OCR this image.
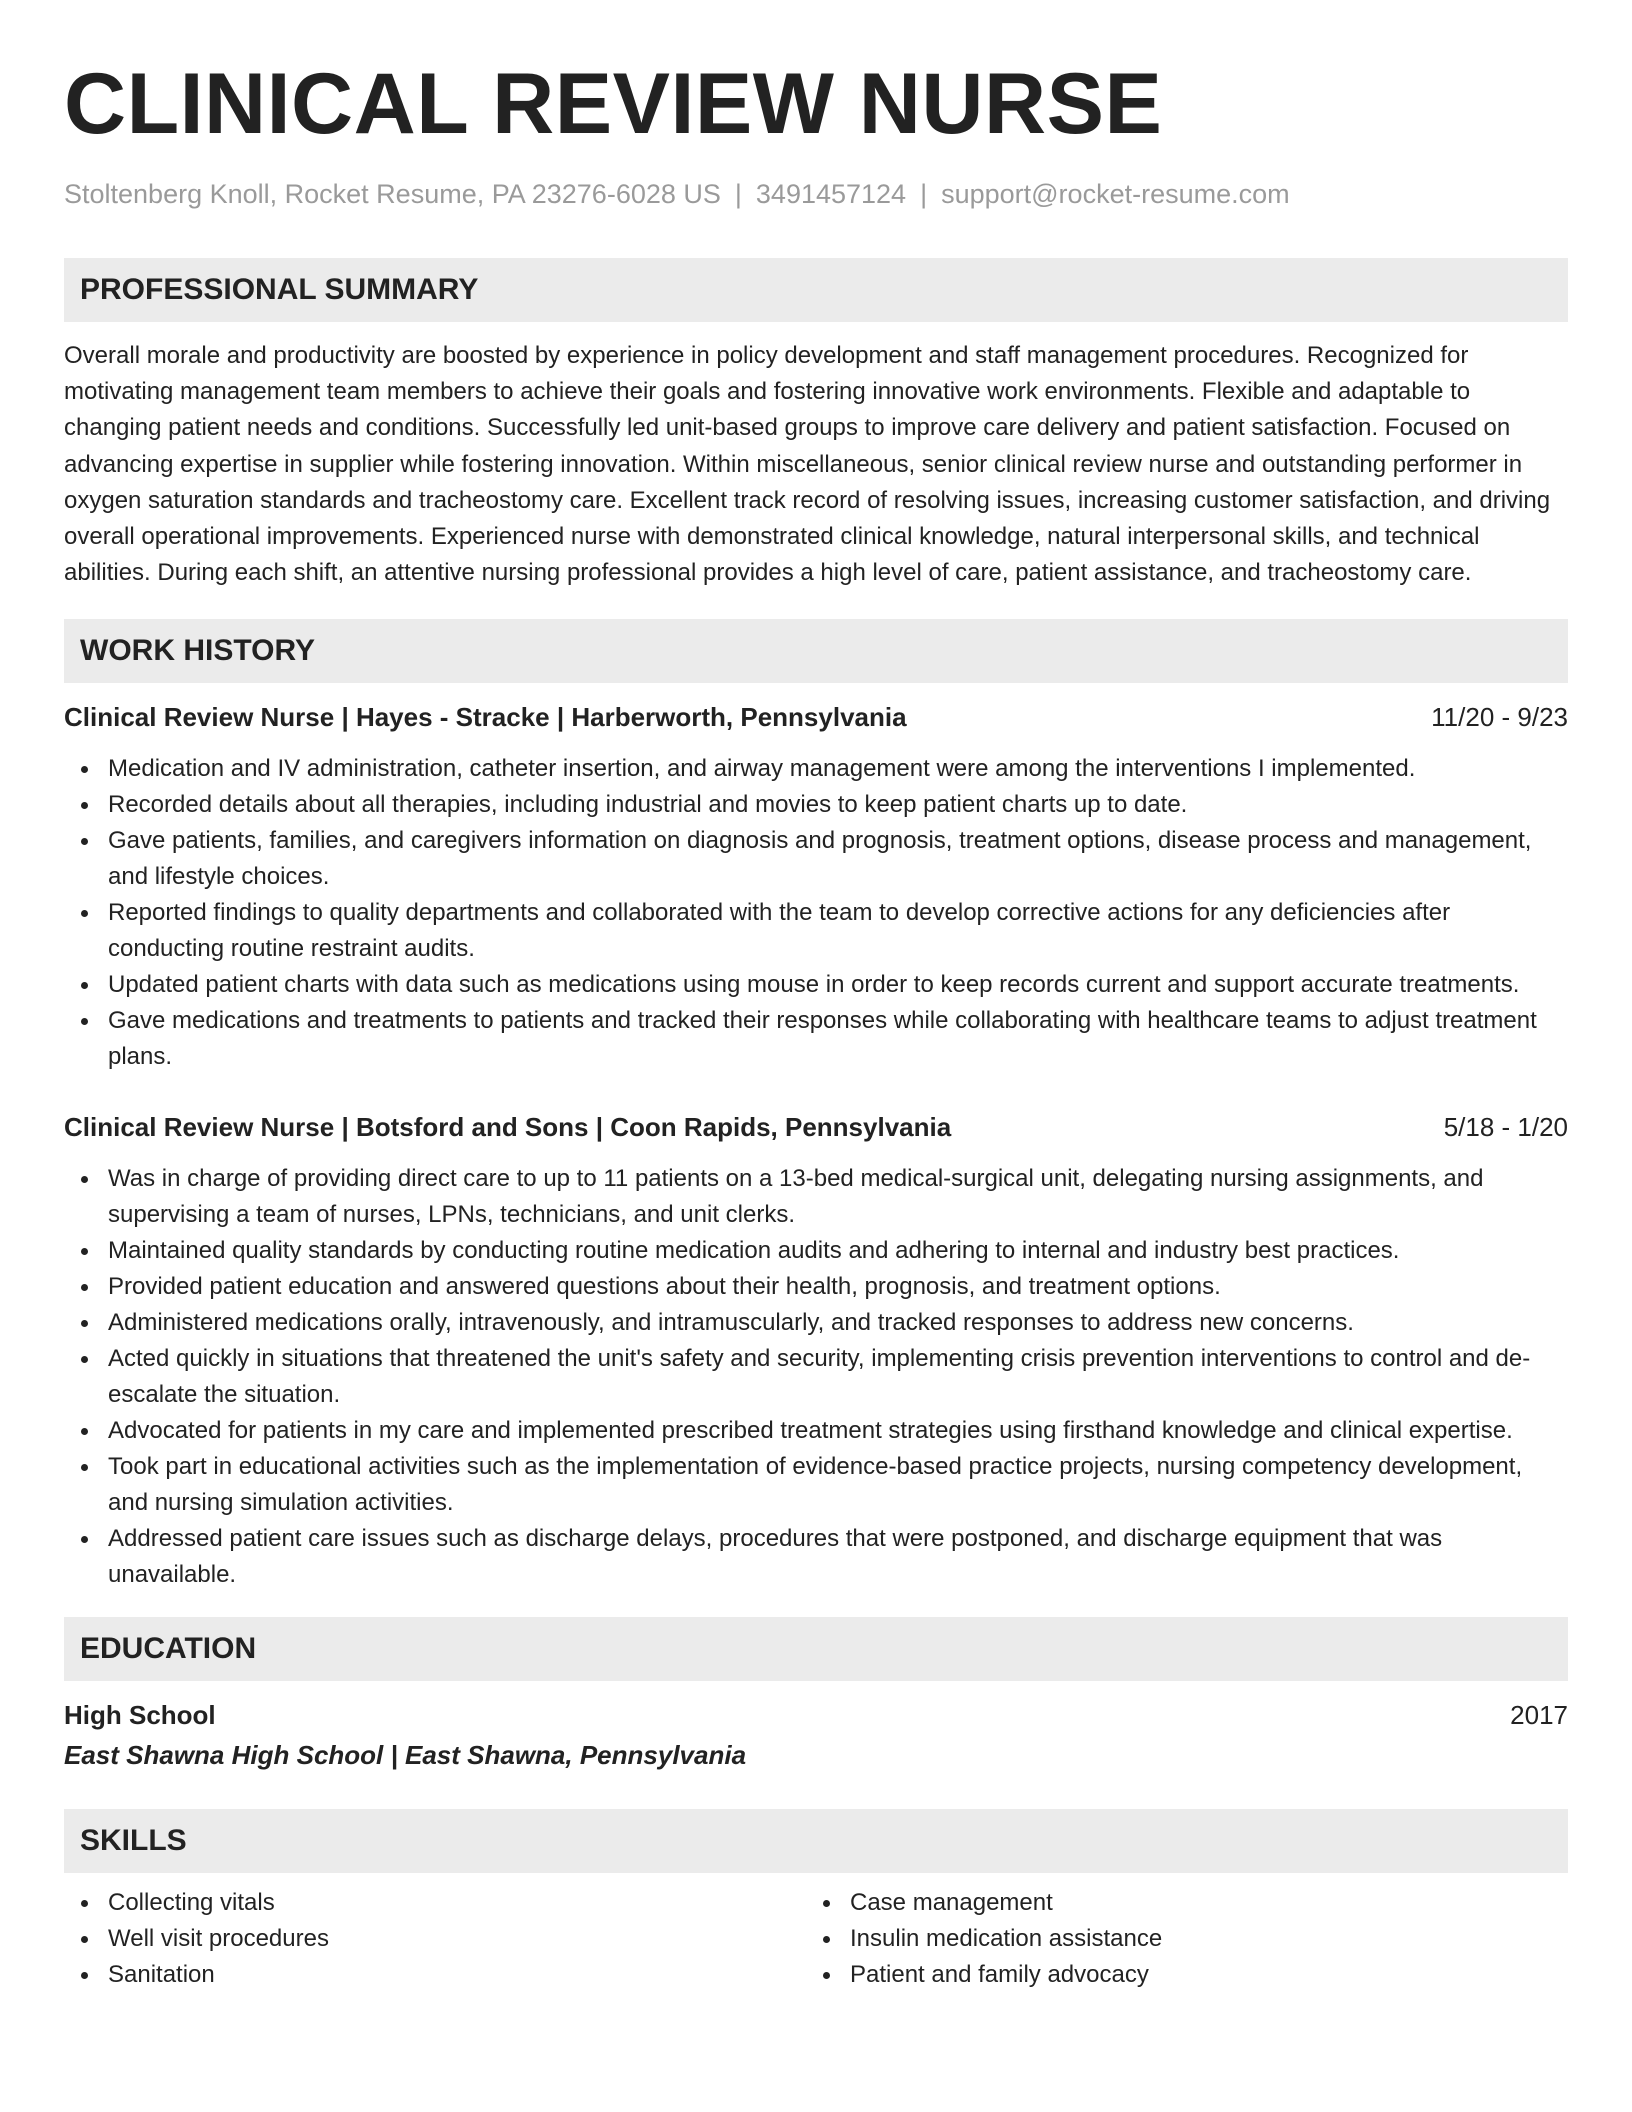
CLINICAL REVIEW NURSE
Stoltenberg Knoll, Rocket Resume, PA 23276-6028 US | 3491457124 | support@rocket-resume.com
PROFESSIONAL SUMMARY
Overall morale and productivity are boosted by experience in policy development and staff management procedures. Recognized for motivating management team members to achieve their goals and fostering innovative work environments. Flexible and adaptable to changing patient needs and conditions. Successfully led unit-based groups to improve care delivery and patient satisfaction. Focused on advancing expertise in supplier while fostering innovation. Within miscellaneous, senior clinical review nurse and outstanding performer in oxygen saturation standards and tracheostomy care. Excellent track record of resolving issues, increasing customer satisfaction, and driving overall operational improvements. Experienced nurse with demonstrated clinical knowledge, natural interpersonal skills, and technical abilities. During each shift, an attentive nursing professional provides a high level of care, patient assistance, and tracheostomy care.
WORK HISTORY
Clinical Review Nurse | Hayes - Stracke | Harberworth, Pennsylvania	11/20 - 9/23
Medication and IV administration, catheter insertion, and airway management were among the interventions I implemented.
Recorded details about all therapies, including industrial and movies to keep patient charts up to date.
Gave patients, families, and caregivers information on diagnosis and prognosis, treatment options, disease process and management, and lifestyle choices.
Reported findings to quality departments and collaborated with the team to develop corrective actions for any deficiencies after conducting routine restraint audits.
Updated patient charts with data such as medications using mouse in order to keep records current and support accurate treatments.
Gave medications and treatments to patients and tracked their responses while collaborating with healthcare teams to adjust treatment plans.
Clinical Review Nurse | Botsford and Sons | Coon Rapids, Pennsylvania	5/18 - 1/20
Was in charge of providing direct care to up to 11 patients on a 13-bed medical-surgical unit, delegating nursing assignments, and supervising a team of nurses, LPNs, technicians, and unit clerks.
Maintained quality standards by conducting routine medication audits and adhering to internal and industry best practices.
Provided patient education and answered questions about their health, prognosis, and treatment options.
Administered medications orally, intravenously, and intramuscularly, and tracked responses to address new concerns.
Acted quickly in situations that threatened the unit's safety and security, implementing crisis prevention interventions to control and de-escalate the situation.
Advocated for patients in my care and implemented prescribed treatment strategies using firsthand knowledge and clinical expertise.
Took part in educational activities such as the implementation of evidence-based practice projects, nursing competency development, and nursing simulation activities.
Addressed patient care issues such as discharge delays, procedures that were postponed, and discharge equipment that was unavailable.
EDUCATION
High School	2017
East Shawna High School | East Shawna, Pennsylvania
SKILLS
Collecting vitals
Well visit procedures
Sanitation
Case management
Insulin medication assistance
Patient and family advocacy
